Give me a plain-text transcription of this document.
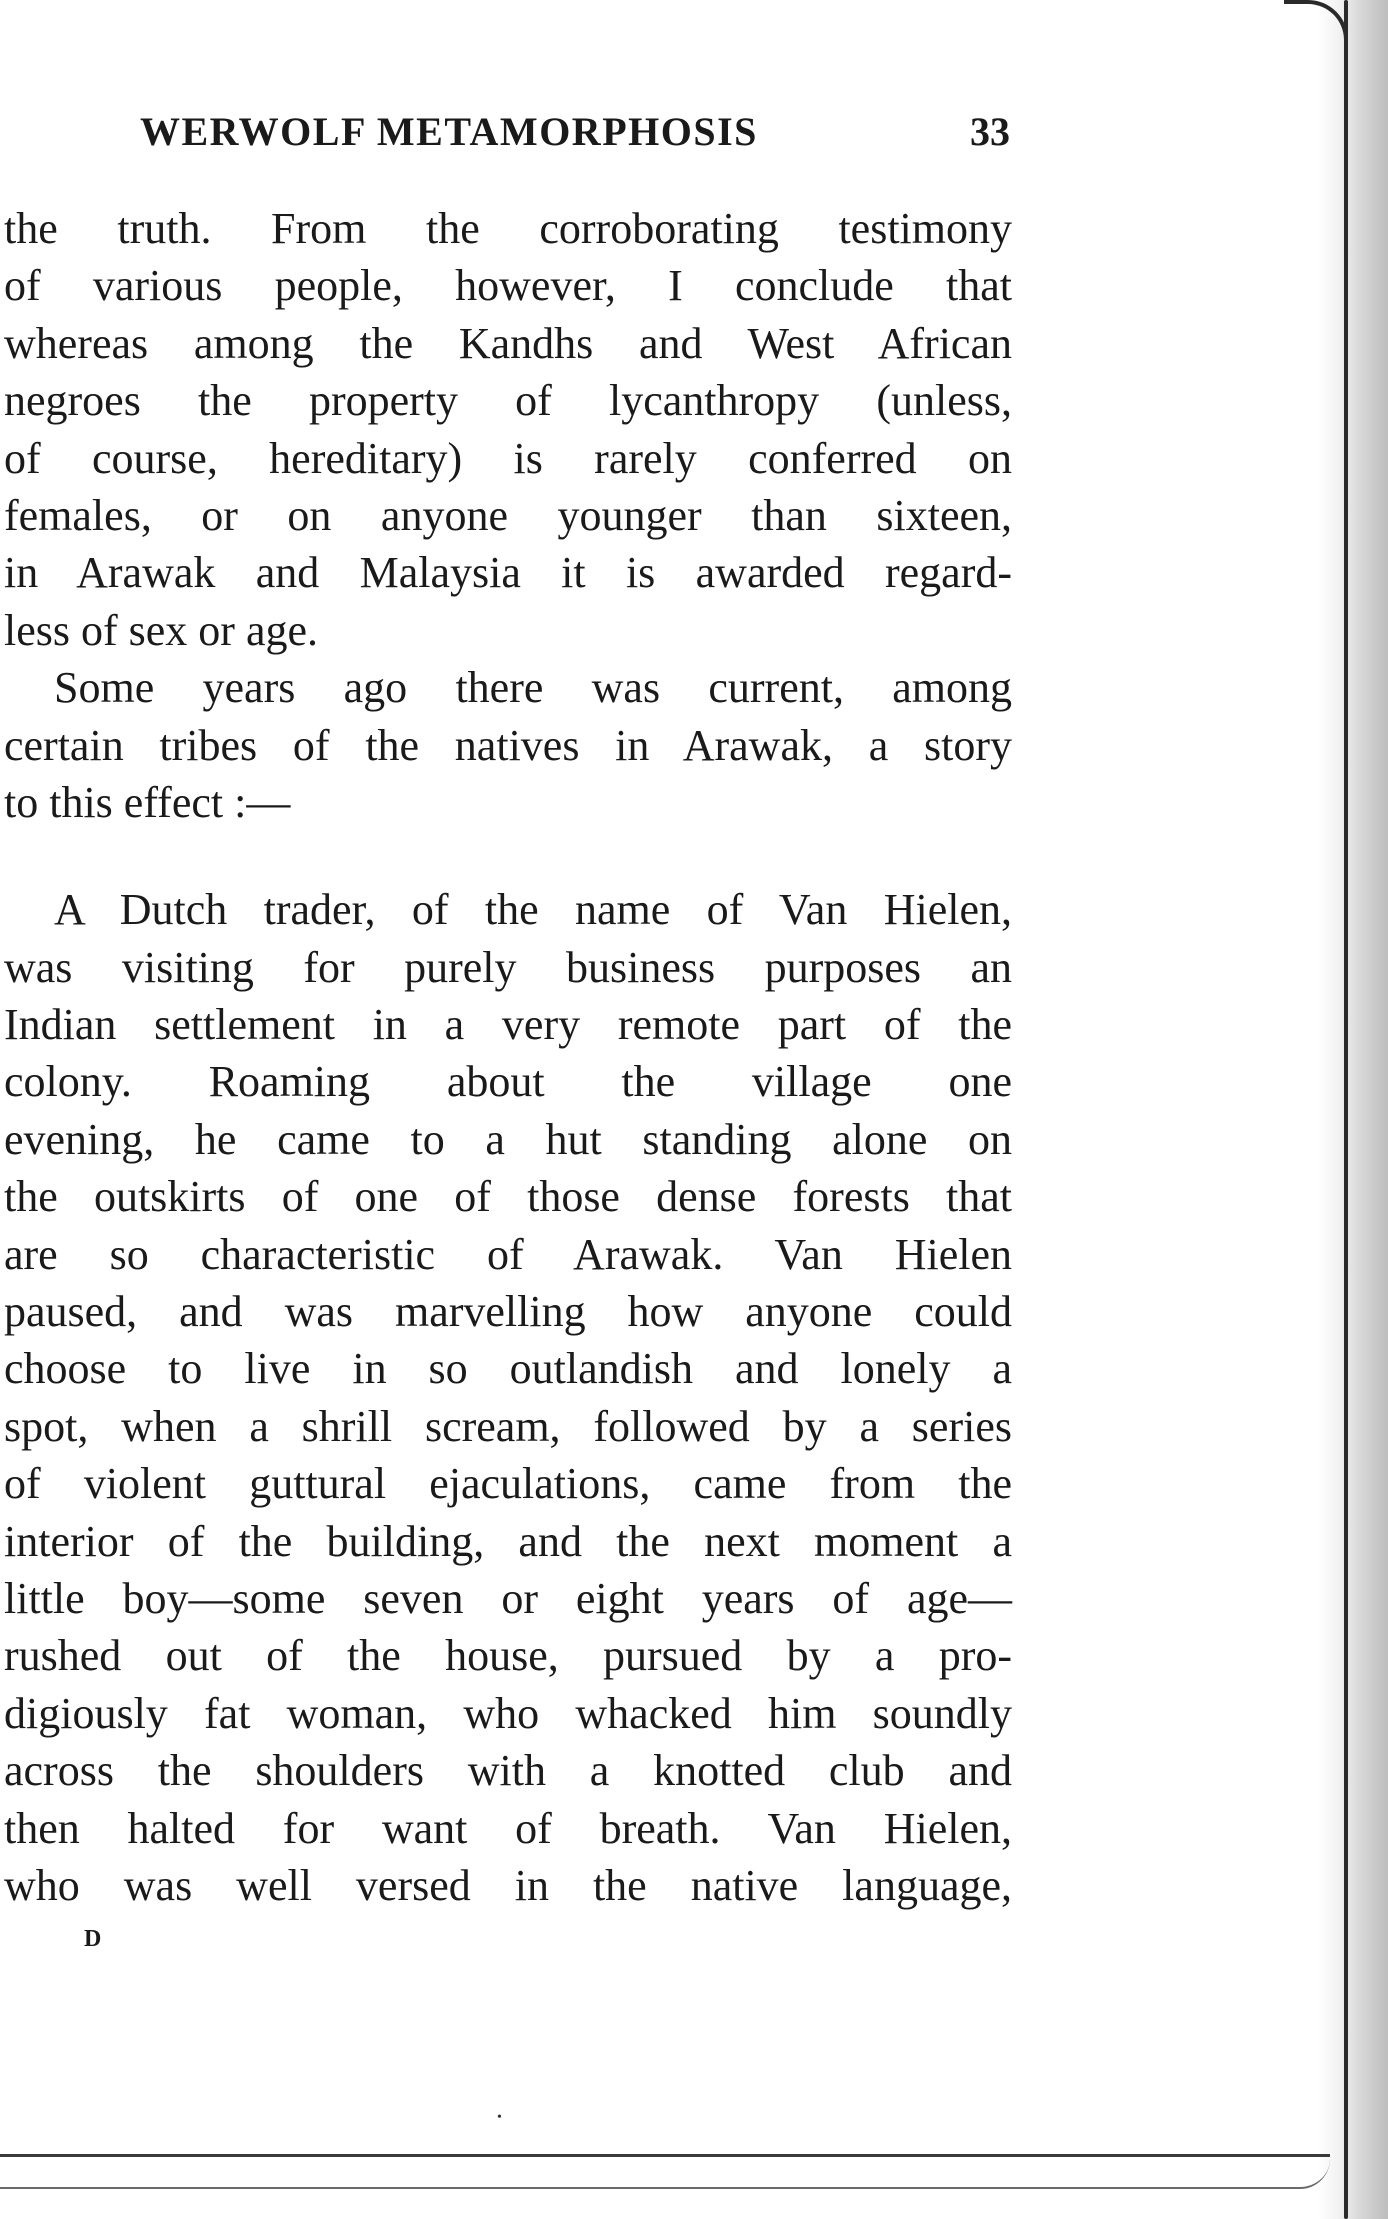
WERWOLF METAMORPHOSIS	33
the truth. From the corroborating testimony
of various people, however, I conclude that
whereas among the Kandhs and West African
negroes the property of lycanthropy (unless,
of course, hereditary) is rarely conferred on
females, or on anyone younger than sixteen,
in Arawak and Malaysia it is awarded regard-
less of sex or age.
Some years ago there was current, among
certain tribes of the natives in Arawak, a story
to this effect :—
A Dutch trader, of the name of Van Hielen,
was visiting for purely business purposes an
Indian settlement in a very remote part of the
colony. Roaming about the village one
evening, he came to a hut standing alone on
the outskirts of one of those dense forests that
are so characteristic of Arawak. Van Hielen
paused, and was marvelling how anyone could
choose to live in so outlandish and lonely a
spot, when a shrill scream, followed by a series
of violent guttural ejaculations, came from the
interior of the building, and the next moment a
little boy—some seven or eight years of age—
rushed out of the house, pursued by a pro-
digiously fat woman, who whacked him soundly
across the shoulders with a knotted club and
then halted for want of breath. Van Hielen,
who was well versed in the native language,
D
•
